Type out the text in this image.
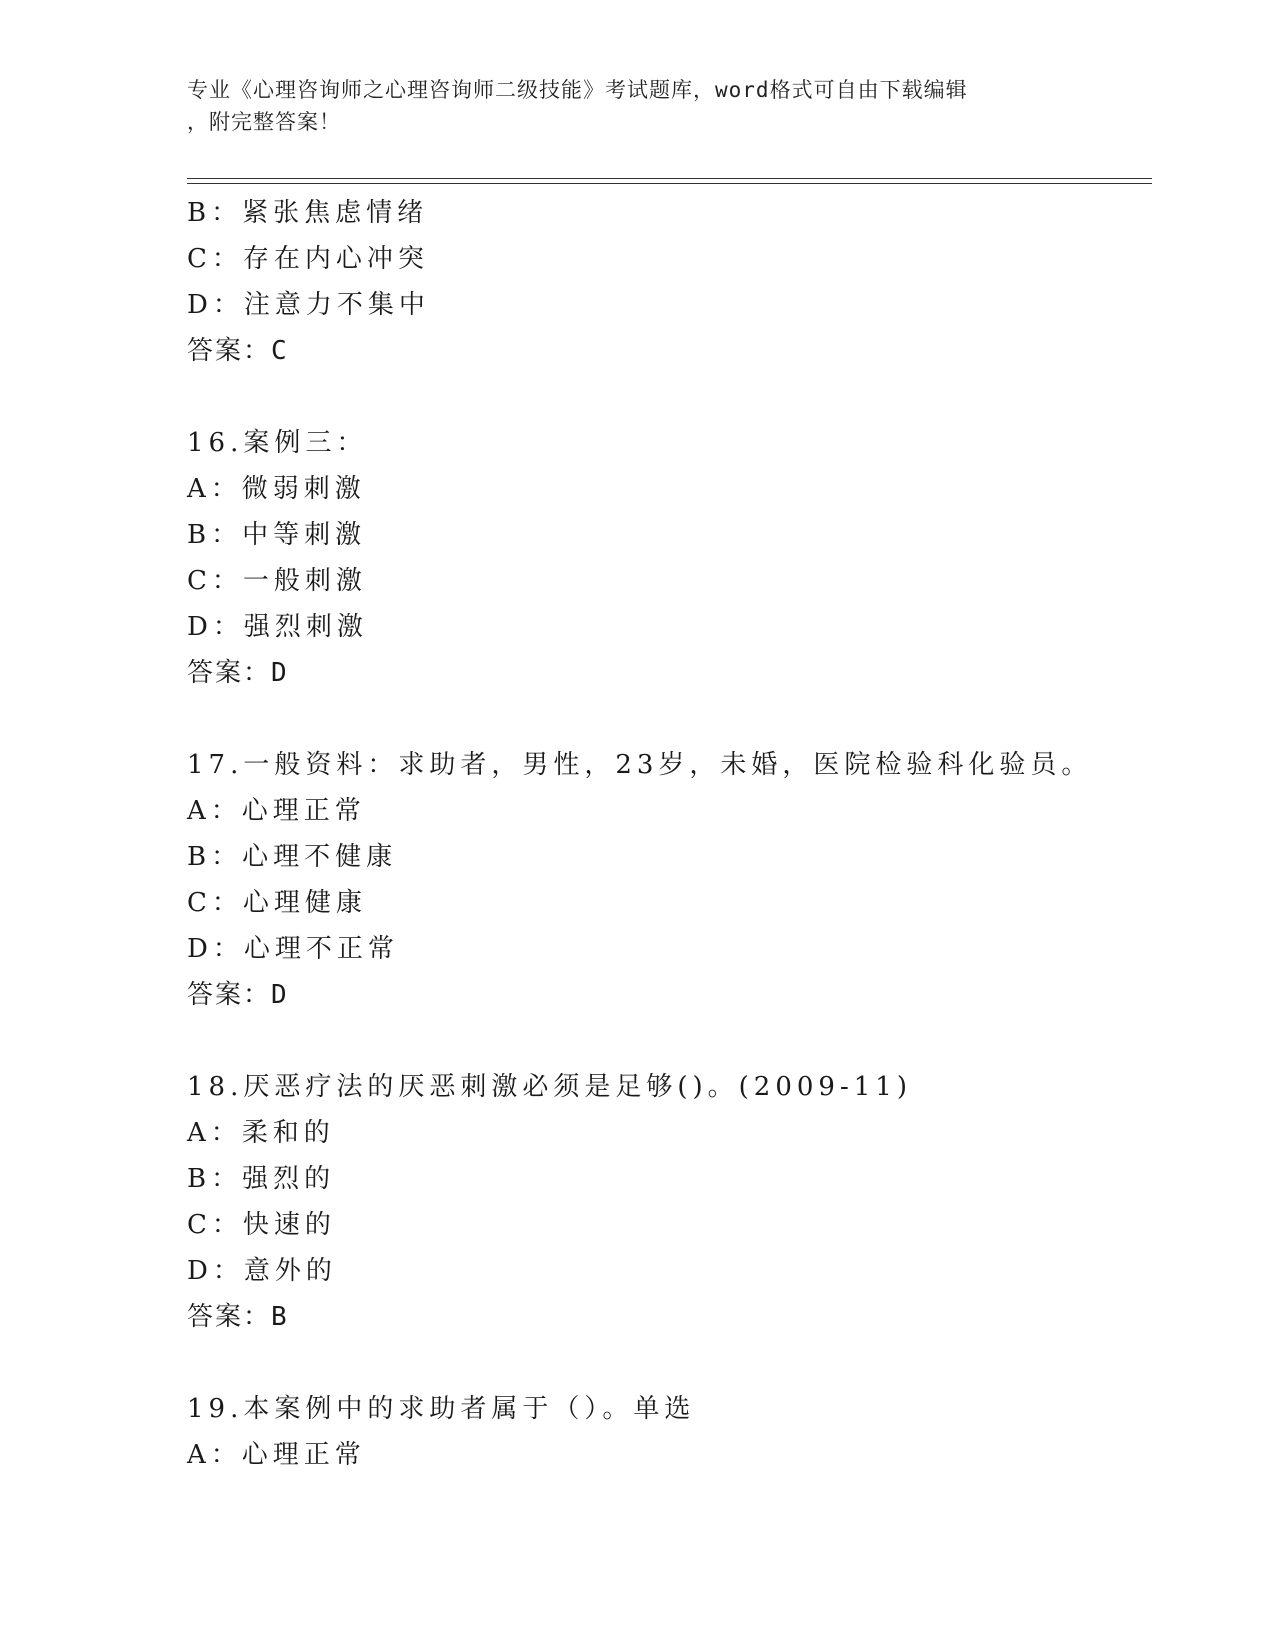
专业《心理咨询师之心理咨询师二级技能》考试题库，word格式可自由下载编辑
，附完整答案！
B：紧张焦虑情绪
C：存在内心冲突
D：注意力不集中
答案：C
16.案例三：
A：微弱刺激
B：中等刺激
C：一般刺激
D：强烈刺激
答案：D
17.一般资料：求助者，男性，23岁，未婚，医院检验科化验员。
A：心理正常
B：心理不健康
C：心理健康
D：心理不正常
答案：D
18.厌恶疗法的厌恶刺激必须是足够()。(2009-11)
A：柔和的
B：强烈的
C：快速的
D：意外的
答案：B
19.本案例中的求助者属于（）。单选
A：心理正常
